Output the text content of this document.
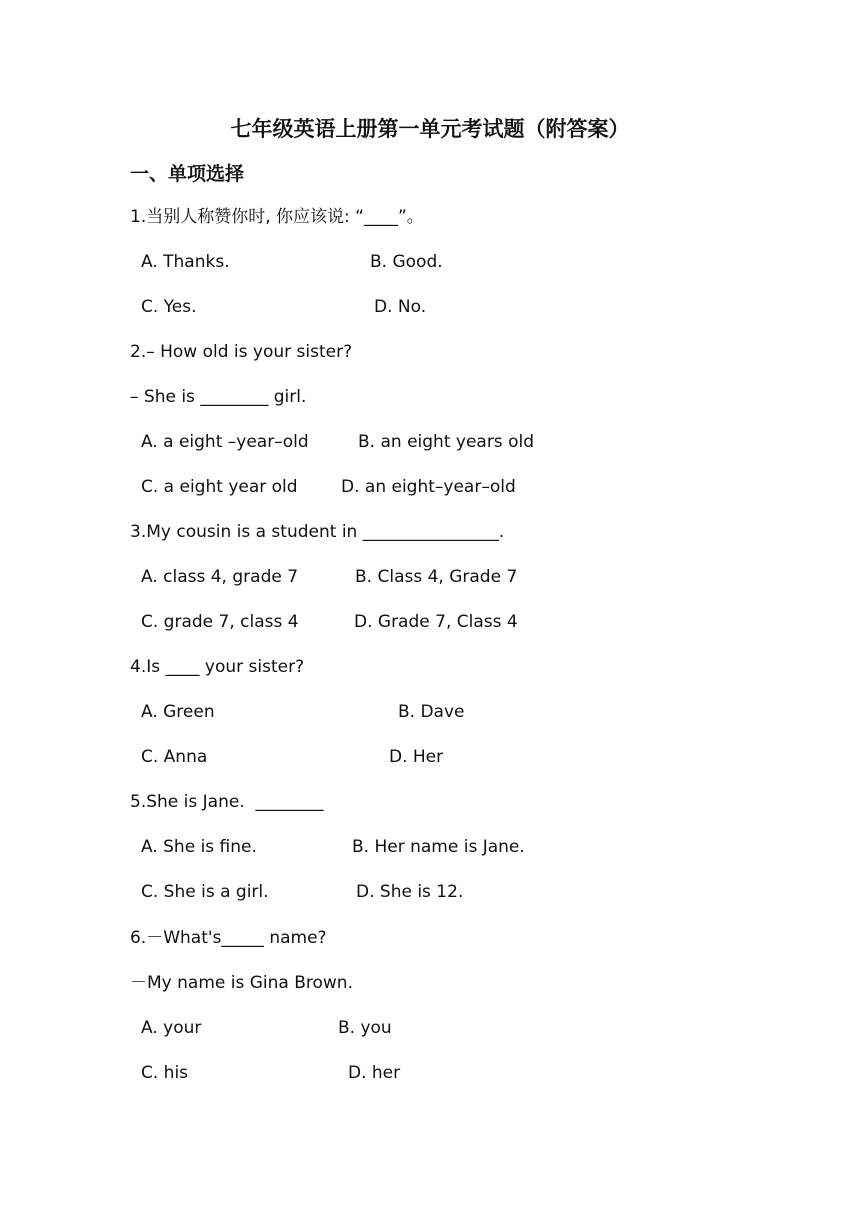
七年级英语上册第一单元考试题（附答案）
一、单项选择
1.当别人称赞你时, 你应该说: “____”。
A. Thanks.	B. Good.
C. Yes.	D. No.
2.– How old is your sister?
– She is ________ girl.
A. a eight –year–old	B. an eight years old
C. a eight year old	D. an eight–year–old
3.My cousin is a student in ________________.
A. class 4, grade 7	B. Class 4, Grade 7
C. grade 7, class 4	D. Grade 7, Class 4
4.Is ____ your sister?
A. Green	B. Dave
C. Anna	D. Her
5.She is Jane.  ________
A. She is fine.	B. Her name is Jane.
C. She is a girl.	D. She is 12.
6.－What's_____ name?
－My name is Gina Brown.
A. your	B. you
C. his	D. her
